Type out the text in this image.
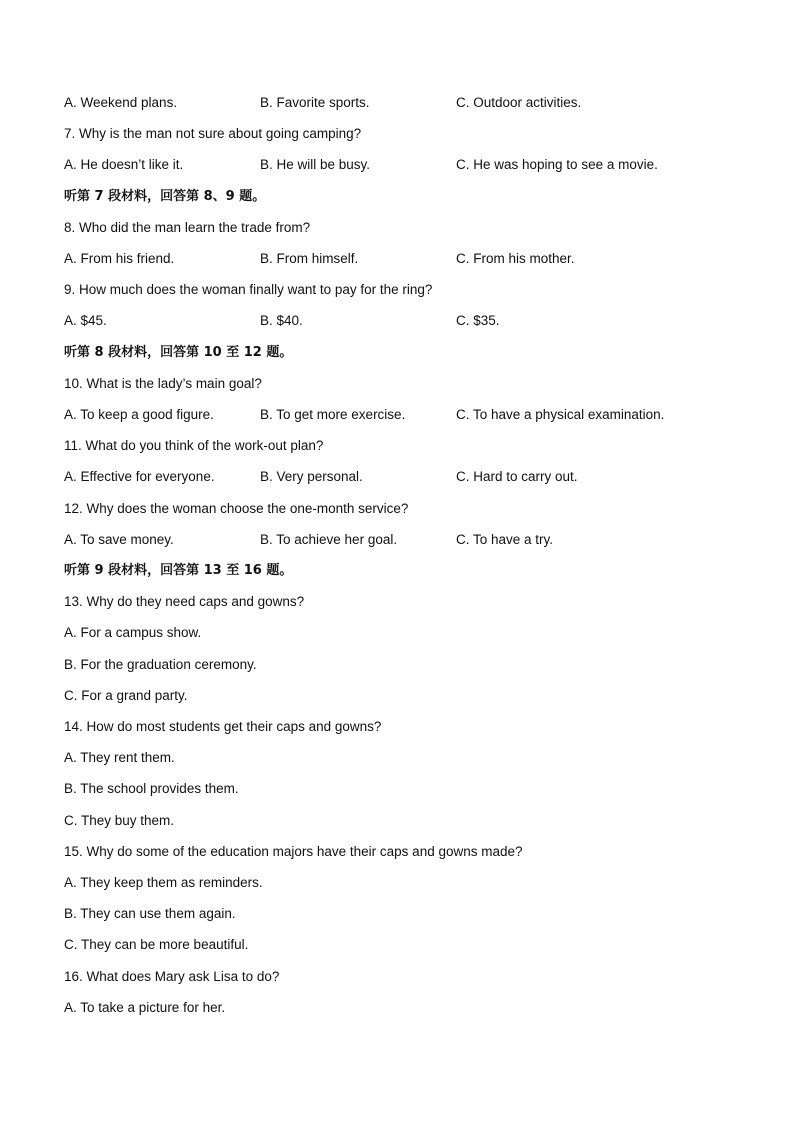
A. Weekend plans.	B. Favorite sports.	C. Outdoor activities.
7. Why is the man not sure about going camping?
A. He doesn’t like it.	B. He will be busy.	C. He was hoping to see a movie.
听第 7 段材料，回答第 8、9 题。
8. Who did the man learn the trade from?
A. From his friend.	B. From himself.	C. From his mother.
9. How much does the woman finally want to pay for the ring?
A. $45.	B. $40.	C. $35.
听第 8 段材料，回答第 10 至 12 题。
10. What is the lady’s main goal?
A. To keep a good figure.	B. To get more exercise.	C. To have a physical examination.
11. What do you think of the work-out plan?
A. Effective for everyone.	B. Very personal.	C. Hard to carry out.
12. Why does the woman choose the one-month service?
A. To save money.	B. To achieve her goal.	C. To have a try.
听第 9 段材料，回答第 13 至 16 题。
13. Why do they need caps and gowns?
A. For a campus show.
B. For the graduation ceremony.
C. For a grand party.
14. How do most students get their caps and gowns?
A. They rent them.
B. The school provides them.
C. They buy them.
15. Why do some of the education majors have their caps and gowns made?
A. They keep them as reminders.
B. They can use them again.
C. They can be more beautiful.
16. What does Mary ask Lisa to do?
A. To take a picture for her.
